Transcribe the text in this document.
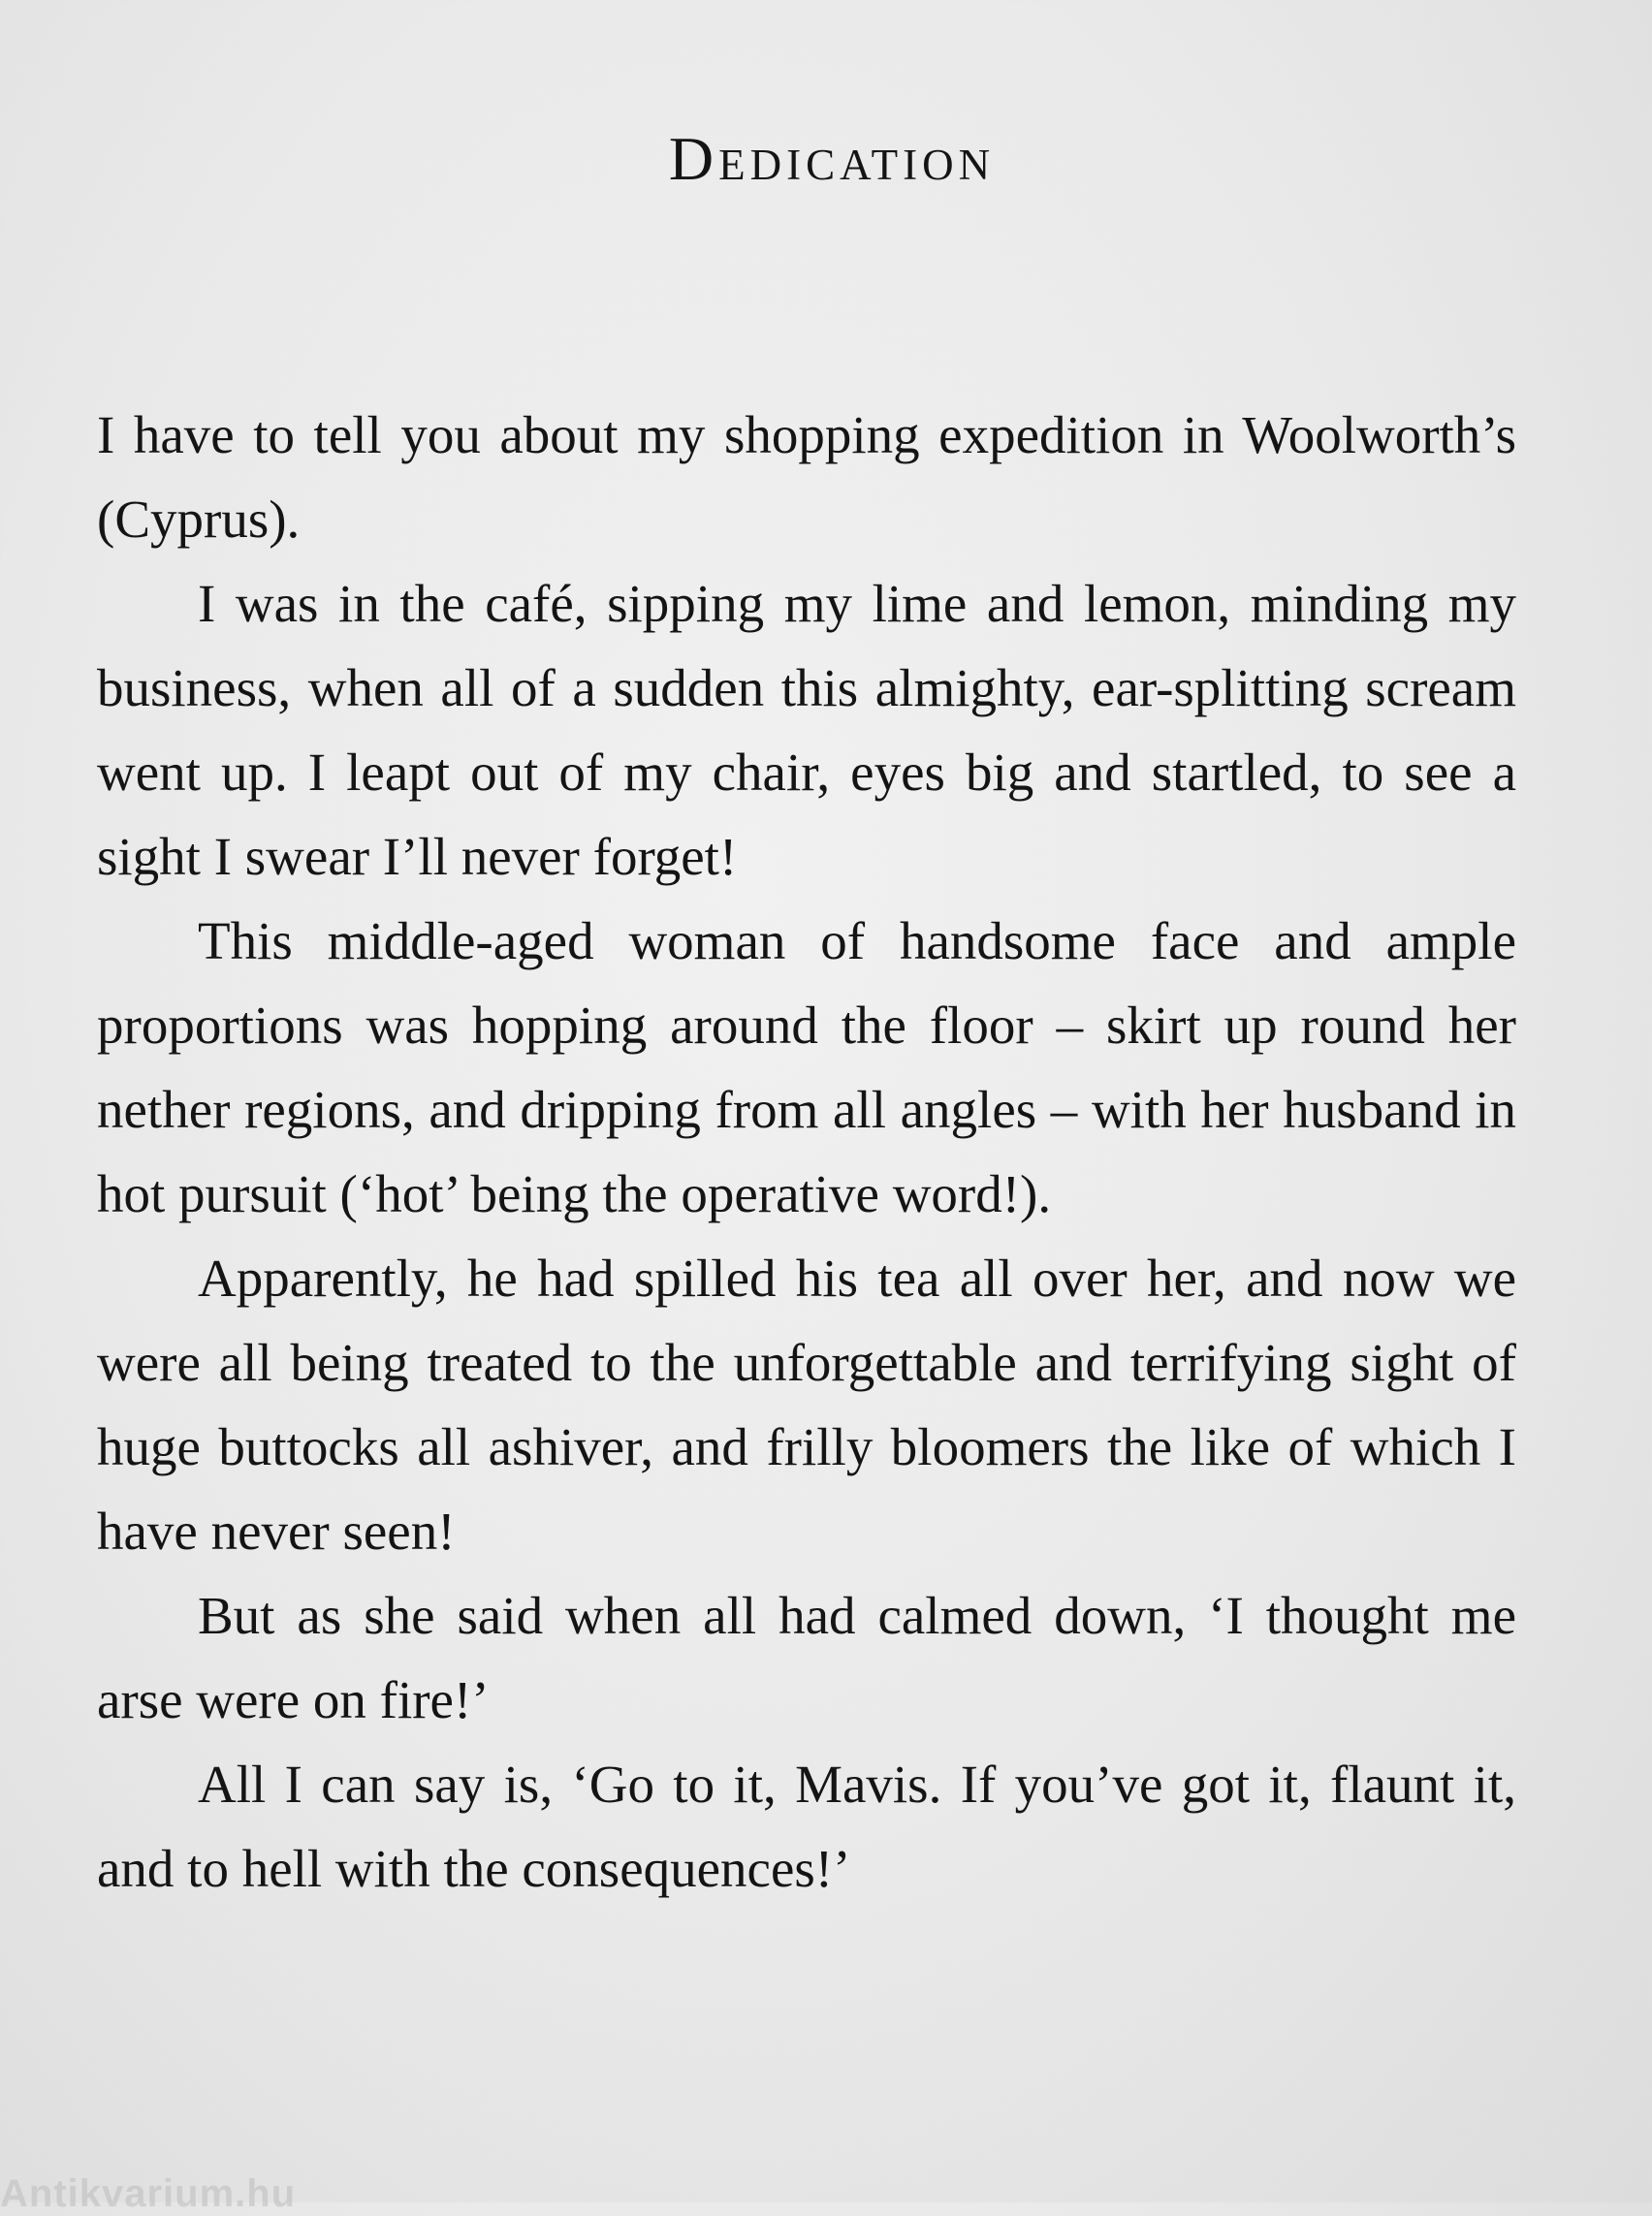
Dedication

I have to tell you about my shopping expedition in Woolworth’s (Cyprus).

I was in the café, sipping my lime and lemon, minding my business, when all of a sudden this almighty, ear-splitting scream went up. I leapt out of my chair, eyes big and startled, to see a sight I swear I’ll never forget!

This middle-aged woman of handsome face and ample proportions was hopping around the floor – skirt up round her nether regions, and dripping from all angles – with her husband in hot pursuit (‘hot’ being the operative word!).

Apparently, he had spilled his tea all over her, and now we were all being treated to the unforgettable and terrifying sight of huge buttocks all ashiver, and frilly bloomers the like of which I have never seen!

But as she said when all had calmed down, ‘I thought me arse were on fire!’

All I can say is, ‘Go to it, Mavis. If you’ve got it, flaunt it, and to hell with the consequences!’

Antikvarium.hu
